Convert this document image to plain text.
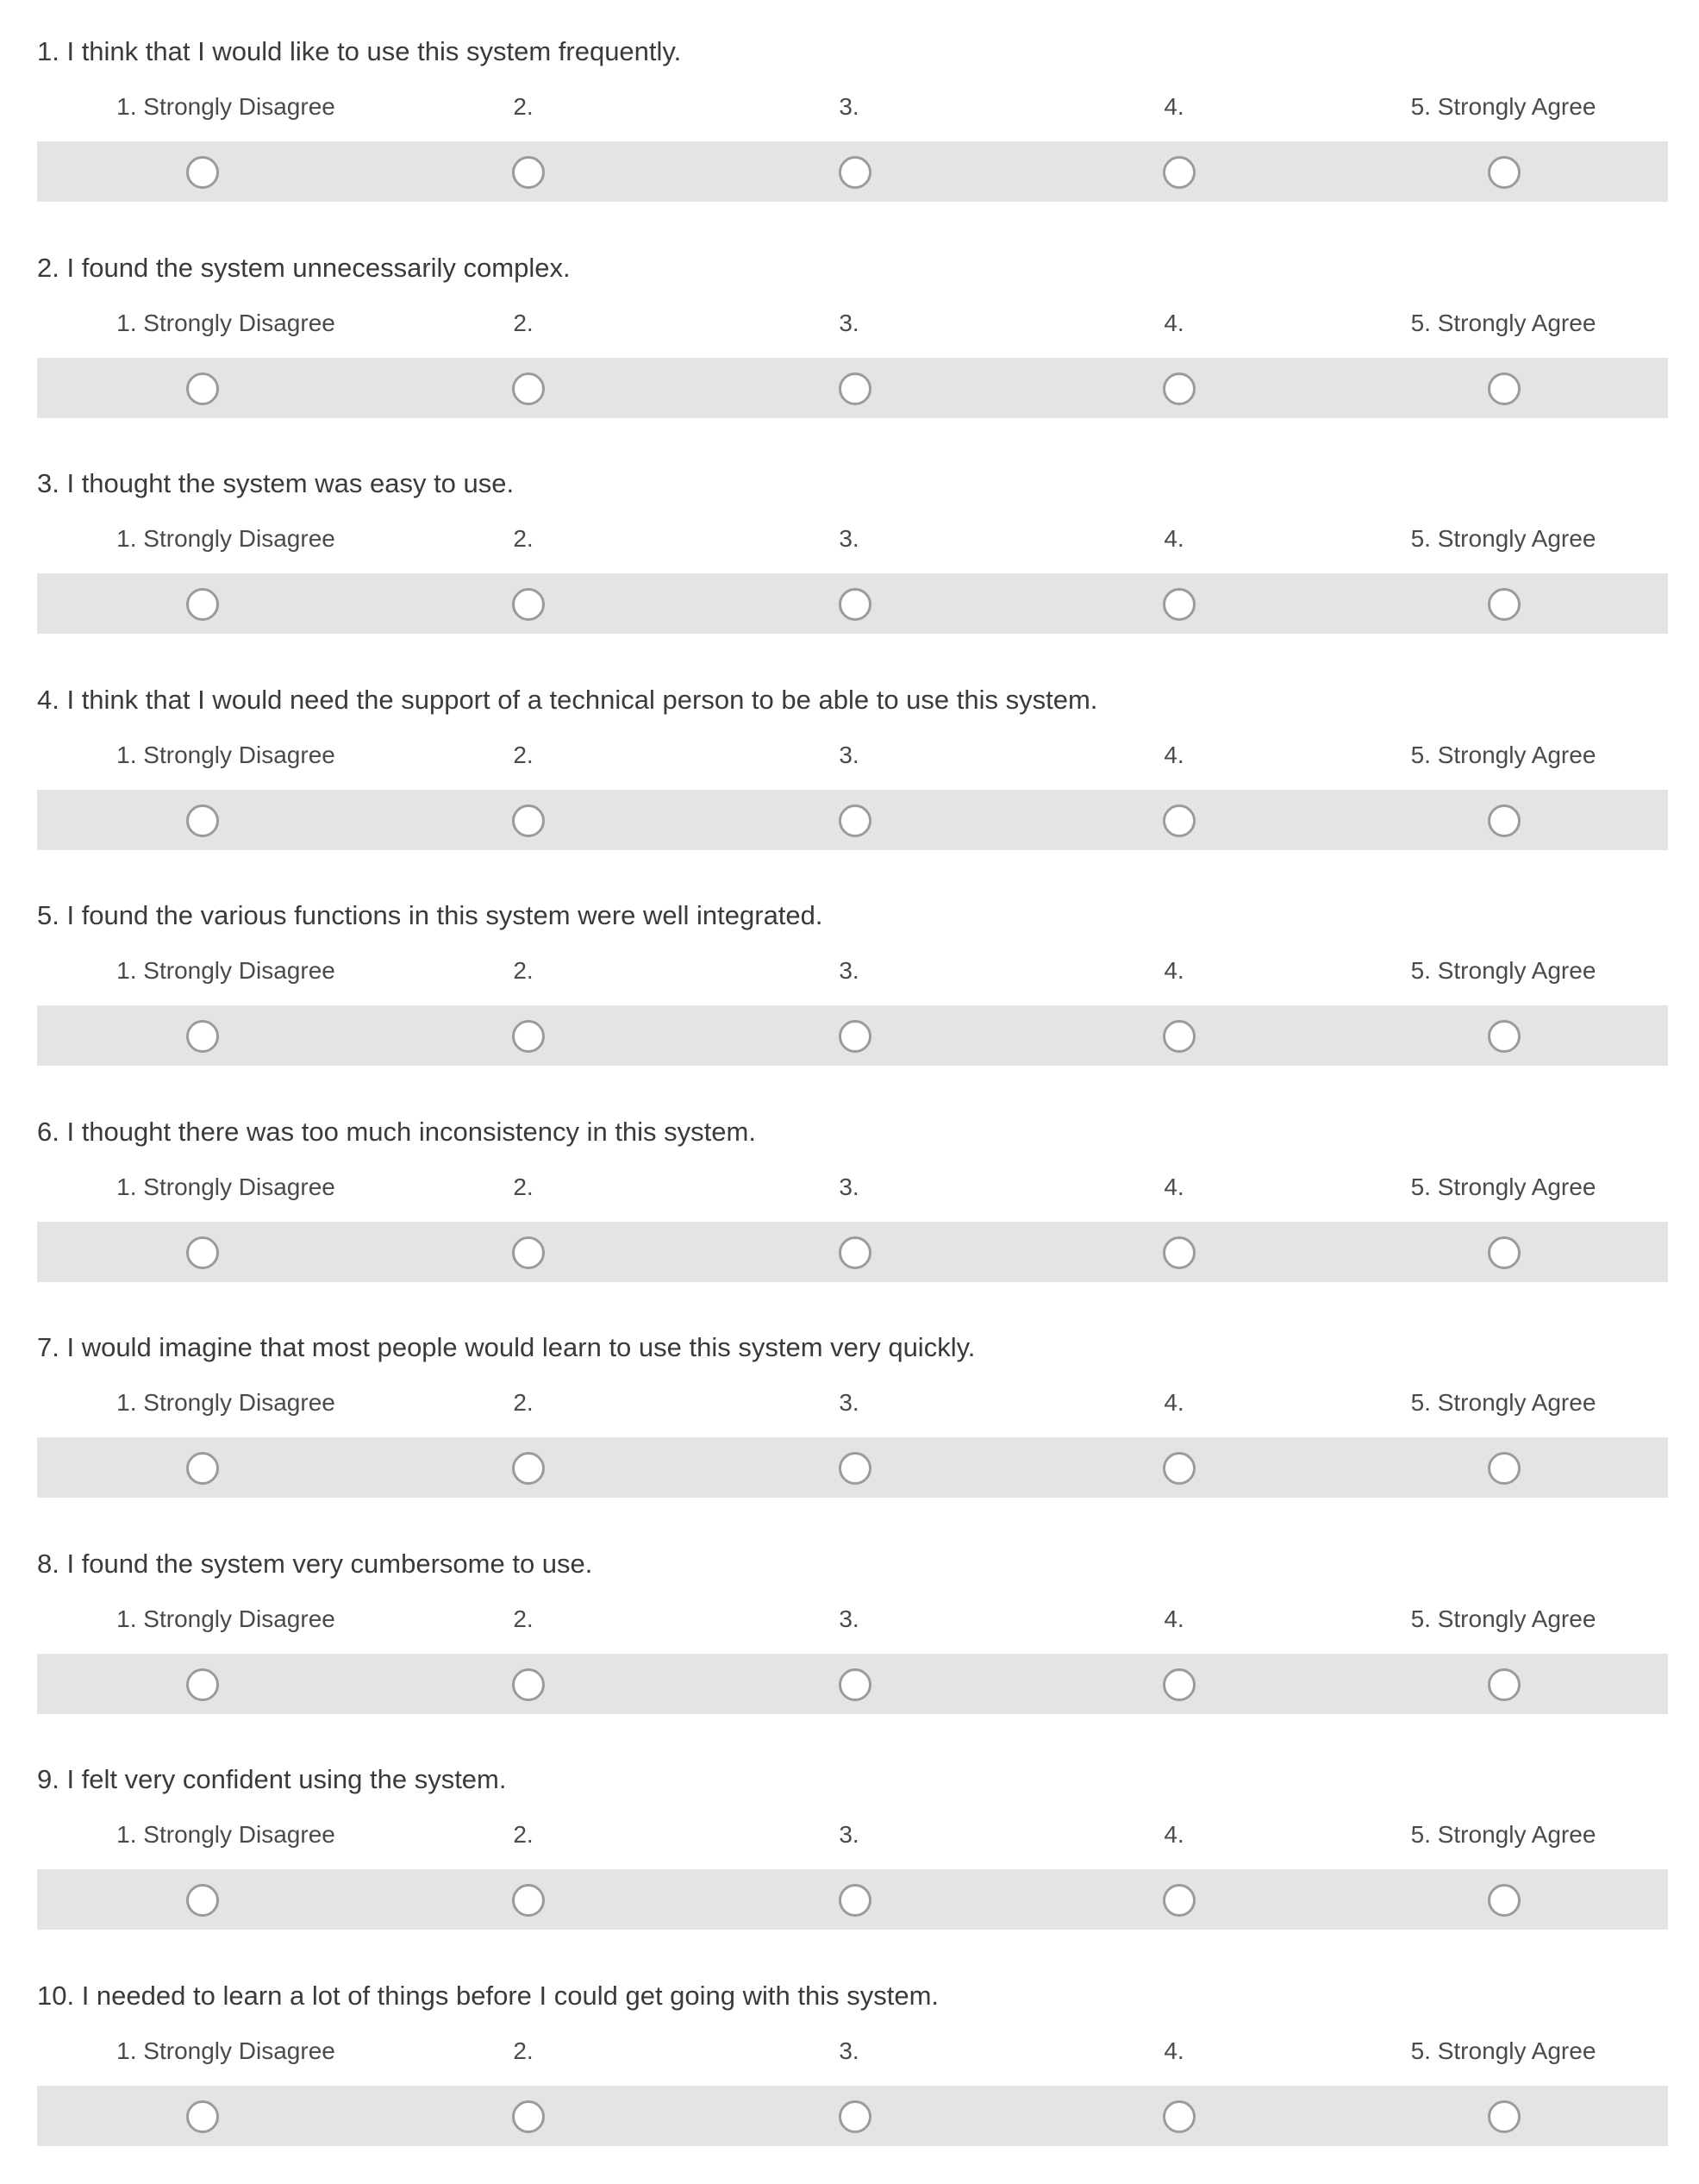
1. I think that I would like to use this system frequently.
1. Strongly Disagree	2.	3.	4.	5. Strongly Agree
2. I found the system unnecessarily complex.
1. Strongly Disagree	2.	3.	4.	5. Strongly Agree
3. I thought the system was easy to use.
1. Strongly Disagree	2.	3.	4.	5. Strongly Agree
4. I think that I would need the support of a technical person to be able to use this system.
1. Strongly Disagree	2.	3.	4.	5. Strongly Agree
5. I found the various functions in this system were well integrated.
1. Strongly Disagree	2.	3.	4.	5. Strongly Agree
6. I thought there was too much inconsistency in this system.
1. Strongly Disagree	2.	3.	4.	5. Strongly Agree
7. I would imagine that most people would learn to use this system very quickly.
1. Strongly Disagree	2.	3.	4.	5. Strongly Agree
8. I found the system very cumbersome to use.
1. Strongly Disagree	2.	3.	4.	5. Strongly Agree
9. I felt very confident using the system.
1. Strongly Disagree	2.	3.	4.	5. Strongly Agree
10. I needed to learn a lot of things before I could get going with this system.
1. Strongly Disagree	2.	3.	4.	5. Strongly Agree
